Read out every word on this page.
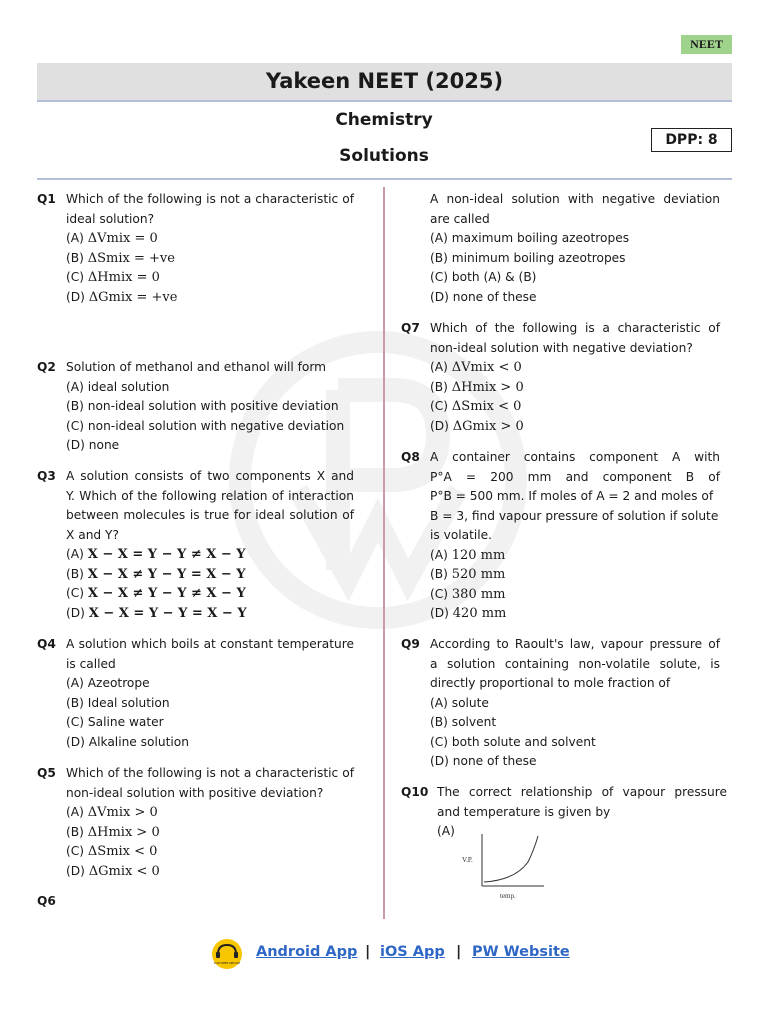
NEET
Yakeen NEET (2025)
Chemistry
Solutions
DPP: 8
Q1 Which of the following is not a characteristic of
ideal solution?
(A) ΔVmix = 0
(B) ΔSmix = +ve
(C) ΔHmix = 0
(D) ΔGmix = +ve
Q2 Solution of methanol and ethanol will form
(A) ideal solution
(B) non-ideal solution with positive deviation
(C) non-ideal solution with negative deviation
(D) none
Q3 A solution consists of two components X and
Y. Which of the following relation of interaction
between molecules is true for ideal solution of
X and Y?
(A) X − X = Y − Y ≠ X − Y
(B) X − X ≠ Y − Y = X − Y
(C) X − X ≠ Y − Y ≠ X − Y
(D) X − X = Y − Y = X − Y
Q4 A solution which boils at constant temperature
is called
(A) Azeotrope
(B) Ideal solution
(C) Saline water
(D) Alkaline solution
Q5 Which of the following is not a characteristic of
non-ideal solution with positive deviation?
(A) ΔVmix > 0
(B) ΔHmix > 0
(C) ΔSmix < 0
(D) ΔGmix < 0
Q6
A non-ideal solution with negative deviation
are called
(A) maximum boiling azeotropes
(B) minimum boiling azeotropes
(C) both (A) & (B)
(D) none of these
Q7 Which of the following is a characteristic of
non-ideal solution with negative deviation?
(A) ΔVmix < 0
(B) ΔHmix > 0
(C) ΔSmix < 0
(D) ΔGmix > 0
Q8 A container contains component A with
P°A = 200 mm and component B of
P°B = 500 mm. If moles of A = 2 and moles of
B = 3, find vapour pressure of solution if solute
is volatile.
(A) 120 mm
(B) 520 mm
(C) 380 mm
(D) 420 mm
Q9 According to Raoult's law, vapour pressure of
a solution containing non-volatile solute, is
directly proportional to mole fraction of
(A) solute
(B) solvent
(C) both solute and solvent
(D) none of these
Q10 The correct relationship of vapour pressure
and temperature is given by
(A)
V.P.
temp.
CUSTOMER SERVICE
Android App | iOS App | PW Website
